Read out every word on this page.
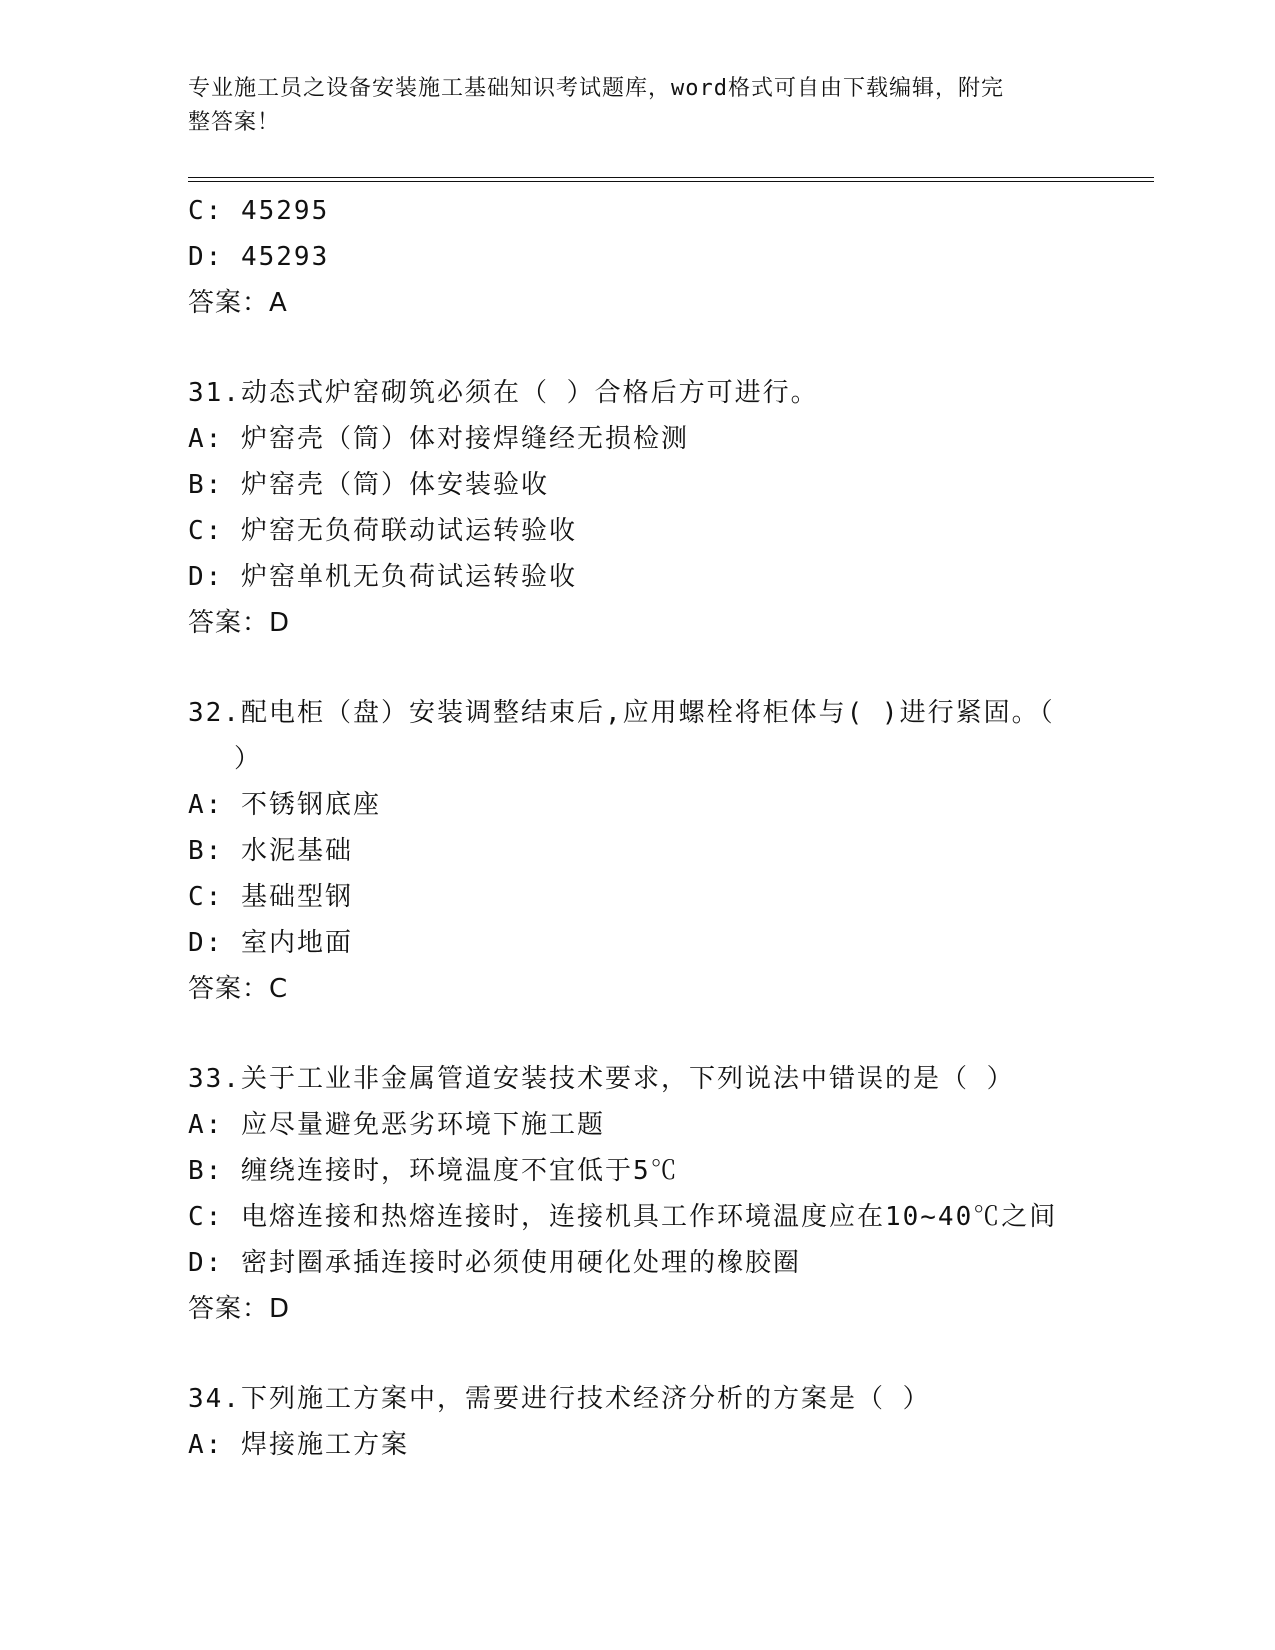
专业施工员之设备安装施工基础知识考试题库，word格式可自由下载编辑，附完
整答案！
C: 45295
D: 45293
答案：A
31.动态式炉窑砌筑必须在（ ）合格后方可进行。
A: 炉窑壳（筒）体对接焊缝经无损检测
B: 炉窑壳（筒）体安装验收
C: 炉窑无负荷联动试运转验收
D: 炉窑单机无负荷试运转验收
答案：D
32.配电柜（盘）安装调整结束后,应用螺栓将柜体与( )进行紧固。（
）
A: 不锈钢底座
B: 水泥基础
C: 基础型钢
D: 室内地面
答案：C
33.关于工业非金属管道安装技术要求，下列说法中错误的是（ ）
A: 应尽量避免恶劣环境下施工题
B: 缠绕连接时，环境温度不宜低于5℃
C: 电熔连接和热熔连接时，连接机具工作环境温度应在10~40℃之间
D: 密封圈承插连接时必须使用硬化处理的橡胶圈
答案：D
34.下列施工方案中，需要进行技术经济分析的方案是（ ）
A: 焊接施工方案
